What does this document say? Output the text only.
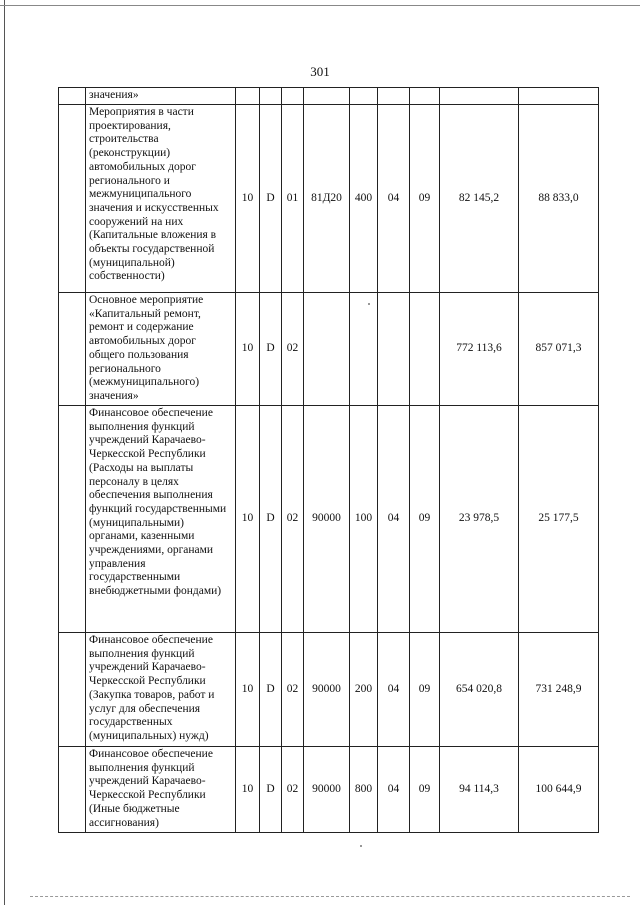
301
	значения»									
	Мероприятия в части проектирования, строительства (реконструкции) автомобильных дорог регионального и межмуниципального значения и искусственных сооружений на них (Капитальные вложения в объекты государственной (муниципальной) собственности)	10	D	01	81Д20	400	04	09	82 145,2	88 833,0
	Основное мероприятие «Капитальный ремонт, ремонт и содержание автомобильных дорог общего пользования регионального (межмуниципального) значения»	10	D	02					772 113,6	857 071,3
	Финансовое обеспечение выполнения функций учреждений Карачаево-Черкесской Республики (Расходы на выплаты персоналу в целях обеспечения выполнения функций государственными (муниципальными) органами, казенными учреждениями, органами управления государственными внебюджетными фондами)	10	D	02	90000	100	04	09	23 978,5	25 177,5
	Финансовое обеспечение выполнения функций учреждений Карачаево-Черкесской Республики (Закупка товаров, работ и услуг для обеспечения государственных (муниципальных) нужд)	10	D	02	90000	200	04	09	654 020,8	731 248,9
	Финансовое обеспечение выполнения функций учреждений Карачаево-Черкесской Республики (Иные бюджетные ассигнования)	10	D	02	90000	800	04	09	94 114,3	100 644,9
